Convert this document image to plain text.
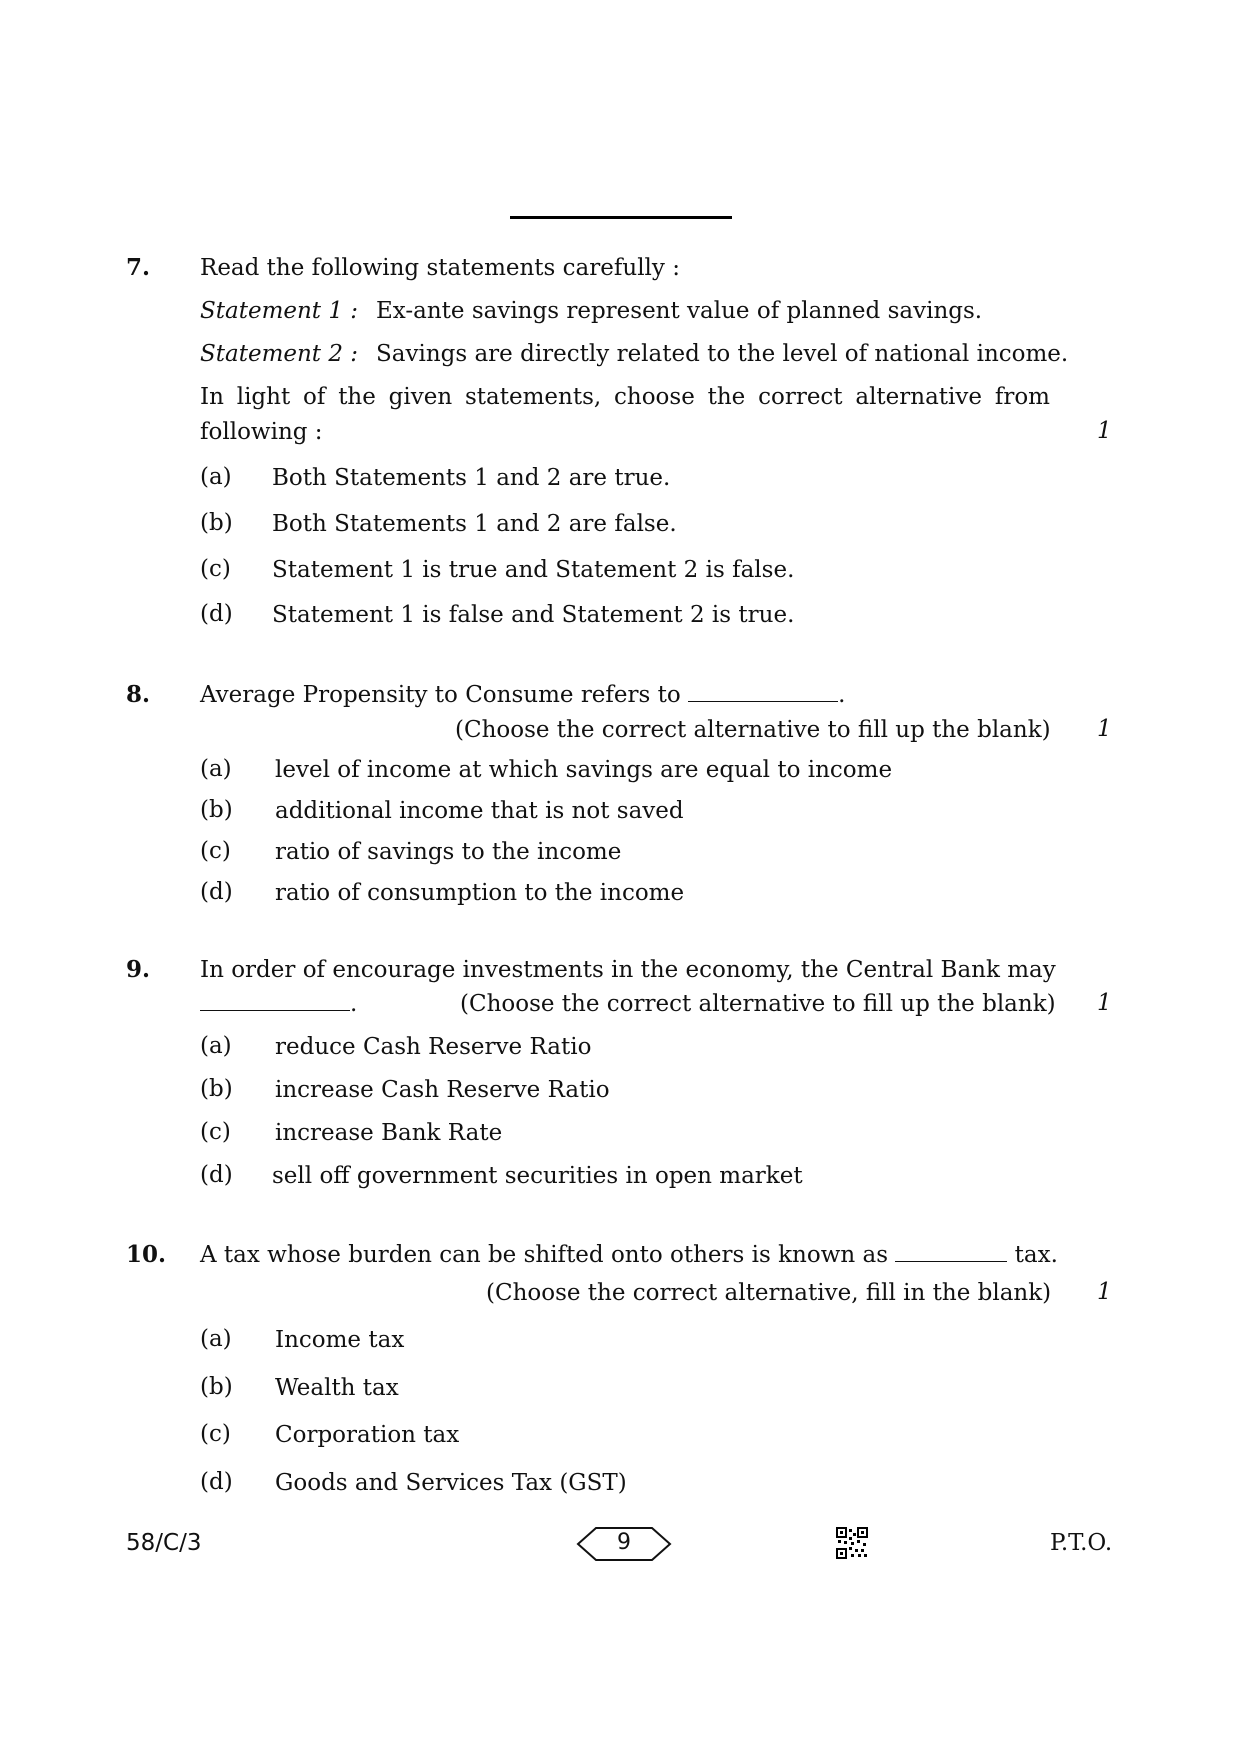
7. Read the following statements carefully :
Statement 1 : Ex-ante savings represent value of planned savings.
Statement 2 : Savings are directly related to the level of national income.
In light of the given statements, choose the correct alternative from
following :	1
(a) Both Statements 1 and 2 are true.
(b) Both Statements 1 and 2 are false.
(c) Statement 1 is true and Statement 2 is false.
(d) Statement 1 is false and Statement 2 is true.
8. Average Propensity to Consume refers to	.
(Choose the correct alternative to fill up the blank) 1
(a) level of income at which savings are equal to income
(b) additional income that is not saved
(c) ratio of savings to the income
(d) ratio of consumption to the income
9. In order of encourage investments in the economy, the Central Bank may
.	(Choose the correct alternative to fill up the blank) 1
(a) reduce Cash Reserve Ratio
(b) increase Cash Reserve Ratio
(c) increase Bank Rate
(d) sell off government securities in open market
10. A tax whose burden can be shifted onto others is known as	tax.
(Choose the correct alternative, fill in the blank) 1
(a) Income tax
(b) Wealth tax
(c) Corporation tax
(d) Goods and Services Tax (GST)
58/C/3	9	P.T.O.
